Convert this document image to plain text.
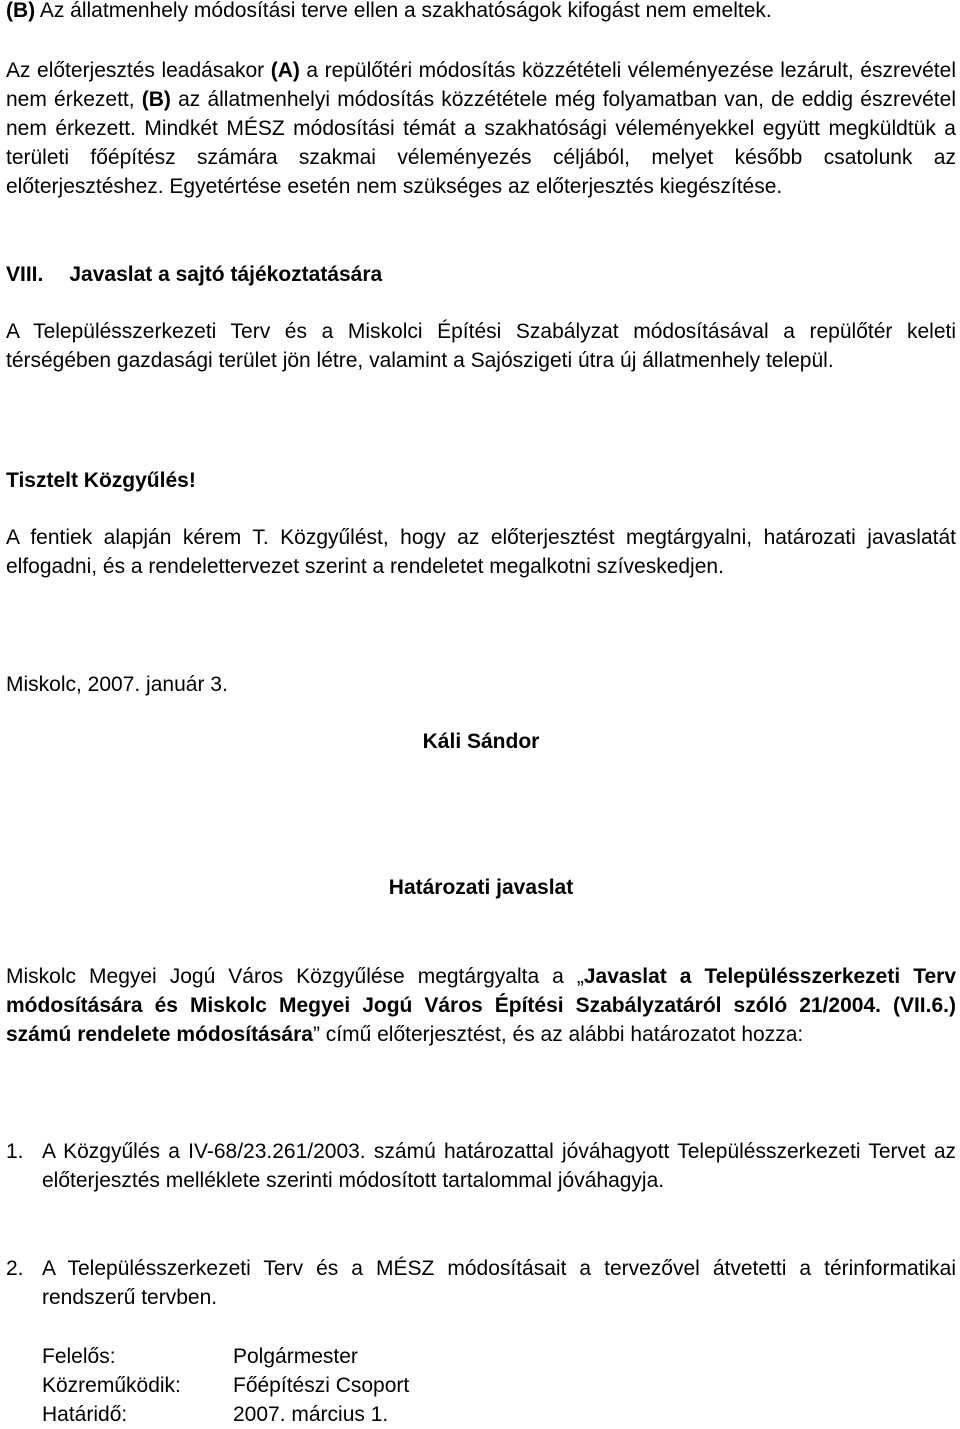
(B) Az állatmenhely módosítási terve ellen a szakhatóságok kifogást nem emeltek.

Az előterjesztés leadásakor (A) a repülőtéri módosítás közzétételi véleményezése lezárult, észrevétel nem érkezett, (B) az állatmenhelyi módosítás közzététele még folyamatban van, de eddig észrevétel nem érkezett. Mindkét MÉSZ módosítási témát a szakhatósági véleményekkel együtt megküldtük a területi főépítész számára szakmai véleményezés céljából, melyet később csatolunk az előterjesztéshez. Egyetértése esetén nem szükséges az előterjesztés kiegészítése.

VIII. Javaslat a sajtó tájékoztatására

A Településszerkezeti Terv és a Miskolci Építési Szabályzat módosításával a repülőtér keleti térségében gazdasági terület jön létre, valamint a Sajószigeti útra új állatmenhely települ.

Tisztelt Közgyűlés!

A fentiek alapján kérem T. Közgyűlést, hogy az előterjesztést megtárgyalni, határozati javaslatát elfogadni, és a rendelettervezet szerint a rendeletet megalkotni szíveskedjen.

Miskolc, 2007. január 3.

Káli Sándor

Határozati javaslat

Miskolc Megyei Jogú Város Közgyűlése megtárgyalta a „Javaslat a Településszerkezeti Terv módosítására és Miskolc Megyei Jogú Város Építési Szabályzatáról szóló 21/2004. (VII.6.) számú rendelete módosítására” című előterjesztést, és az alábbi határozatot hozza:

1. A Közgyűlés a IV-68/23.261/2003. számú határozattal jóváhagyott Településszerkezeti Tervet az előterjesztés melléklete szerinti módosított tartalommal jóváhagyja.
2. A Településszerkezeti Terv és a MÉSZ módosításait a tervezővel átvetetti a térinformatikai rendszerű tervben.
Felelős:	Polgármester
Közreműködik: Főépítészi Csoport
Határidő:	2007. március 1.
